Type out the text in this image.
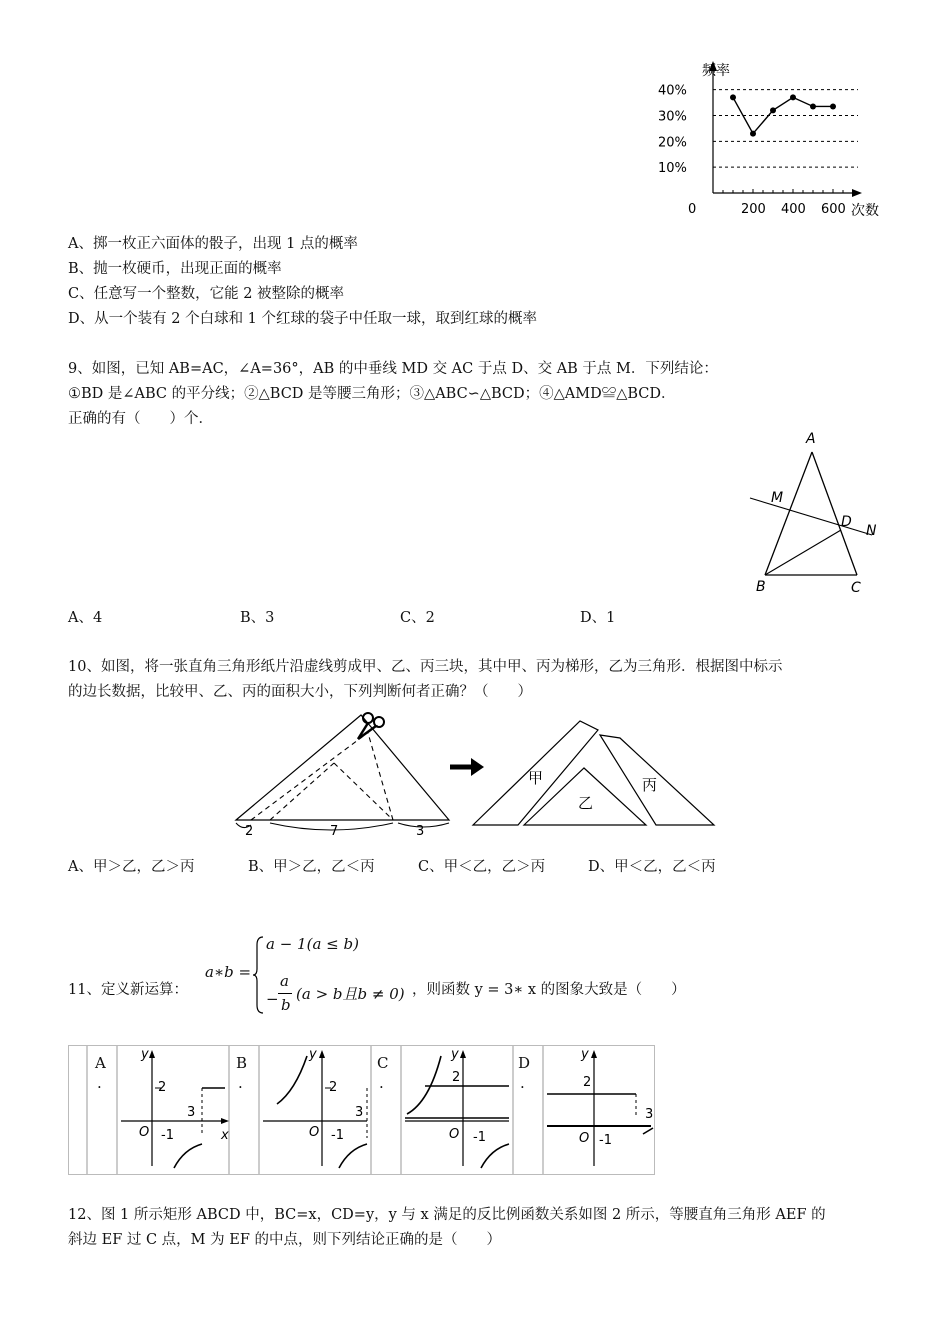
10%
20%
30%
40%
0	200 400 600
频率
次数
A、掷一枚正六面体的骰子，出现 1 点的概率
B、抛一枚硬币，出现正面的概率
C、任意写一个整数，它能 2 被整除的概率
D、从一个装有 2 个白球和 1 个红球的袋子中任取一球，取到红球的概率
9、如图，已知 AB=AC，∠A=36°，AB 的中垂线 MD 交 AC 于点 D、交 AB 于点 M．下列结论：
①BD 是∠ABC 的平分线；②△BCD 是等腰三角形；③△ABC∽△BCD；④△AMD≌△BCD．
正确的有（　　）个．
A
M
D
N
B	C
A、4	B、3	C、2	D、1
10、如图，将一张直角三角形纸片沿虚线剪成甲、乙、丙三块，其中甲、丙为梯形，乙为三角形．根据图中标示
的边长数据，比较甲、乙、丙的面积大小，下列判断何者正确？（　　）
2	7	3
甲
乙
丙
A、甲＞乙，乙＞丙	B、甲＞乙，乙＜丙	C、甲＜乙，乙＞丙	D、甲＜乙，乙＜丙
11、定义新运算：
a∗b =
a − 1(a ≤ b)
−
a
b
(a > b且b ≠ 0) ，则函数 y = 3∗ x 的图象大致是（　　）
A
.
B
.
C
.
D
.
y
2
3
O -1	x
y
2
3
O -1
y
2
O -1
y
2
3
O -1
12、图 1 所示矩形 ABCD 中，BC=x，CD=y，y 与 x 满足的反比例函数关系如图 2 所示，等腰直角三角形 AEF 的
斜边 EF 过 C 点，M 为 EF 的中点，则下列结论正确的是（　　）
